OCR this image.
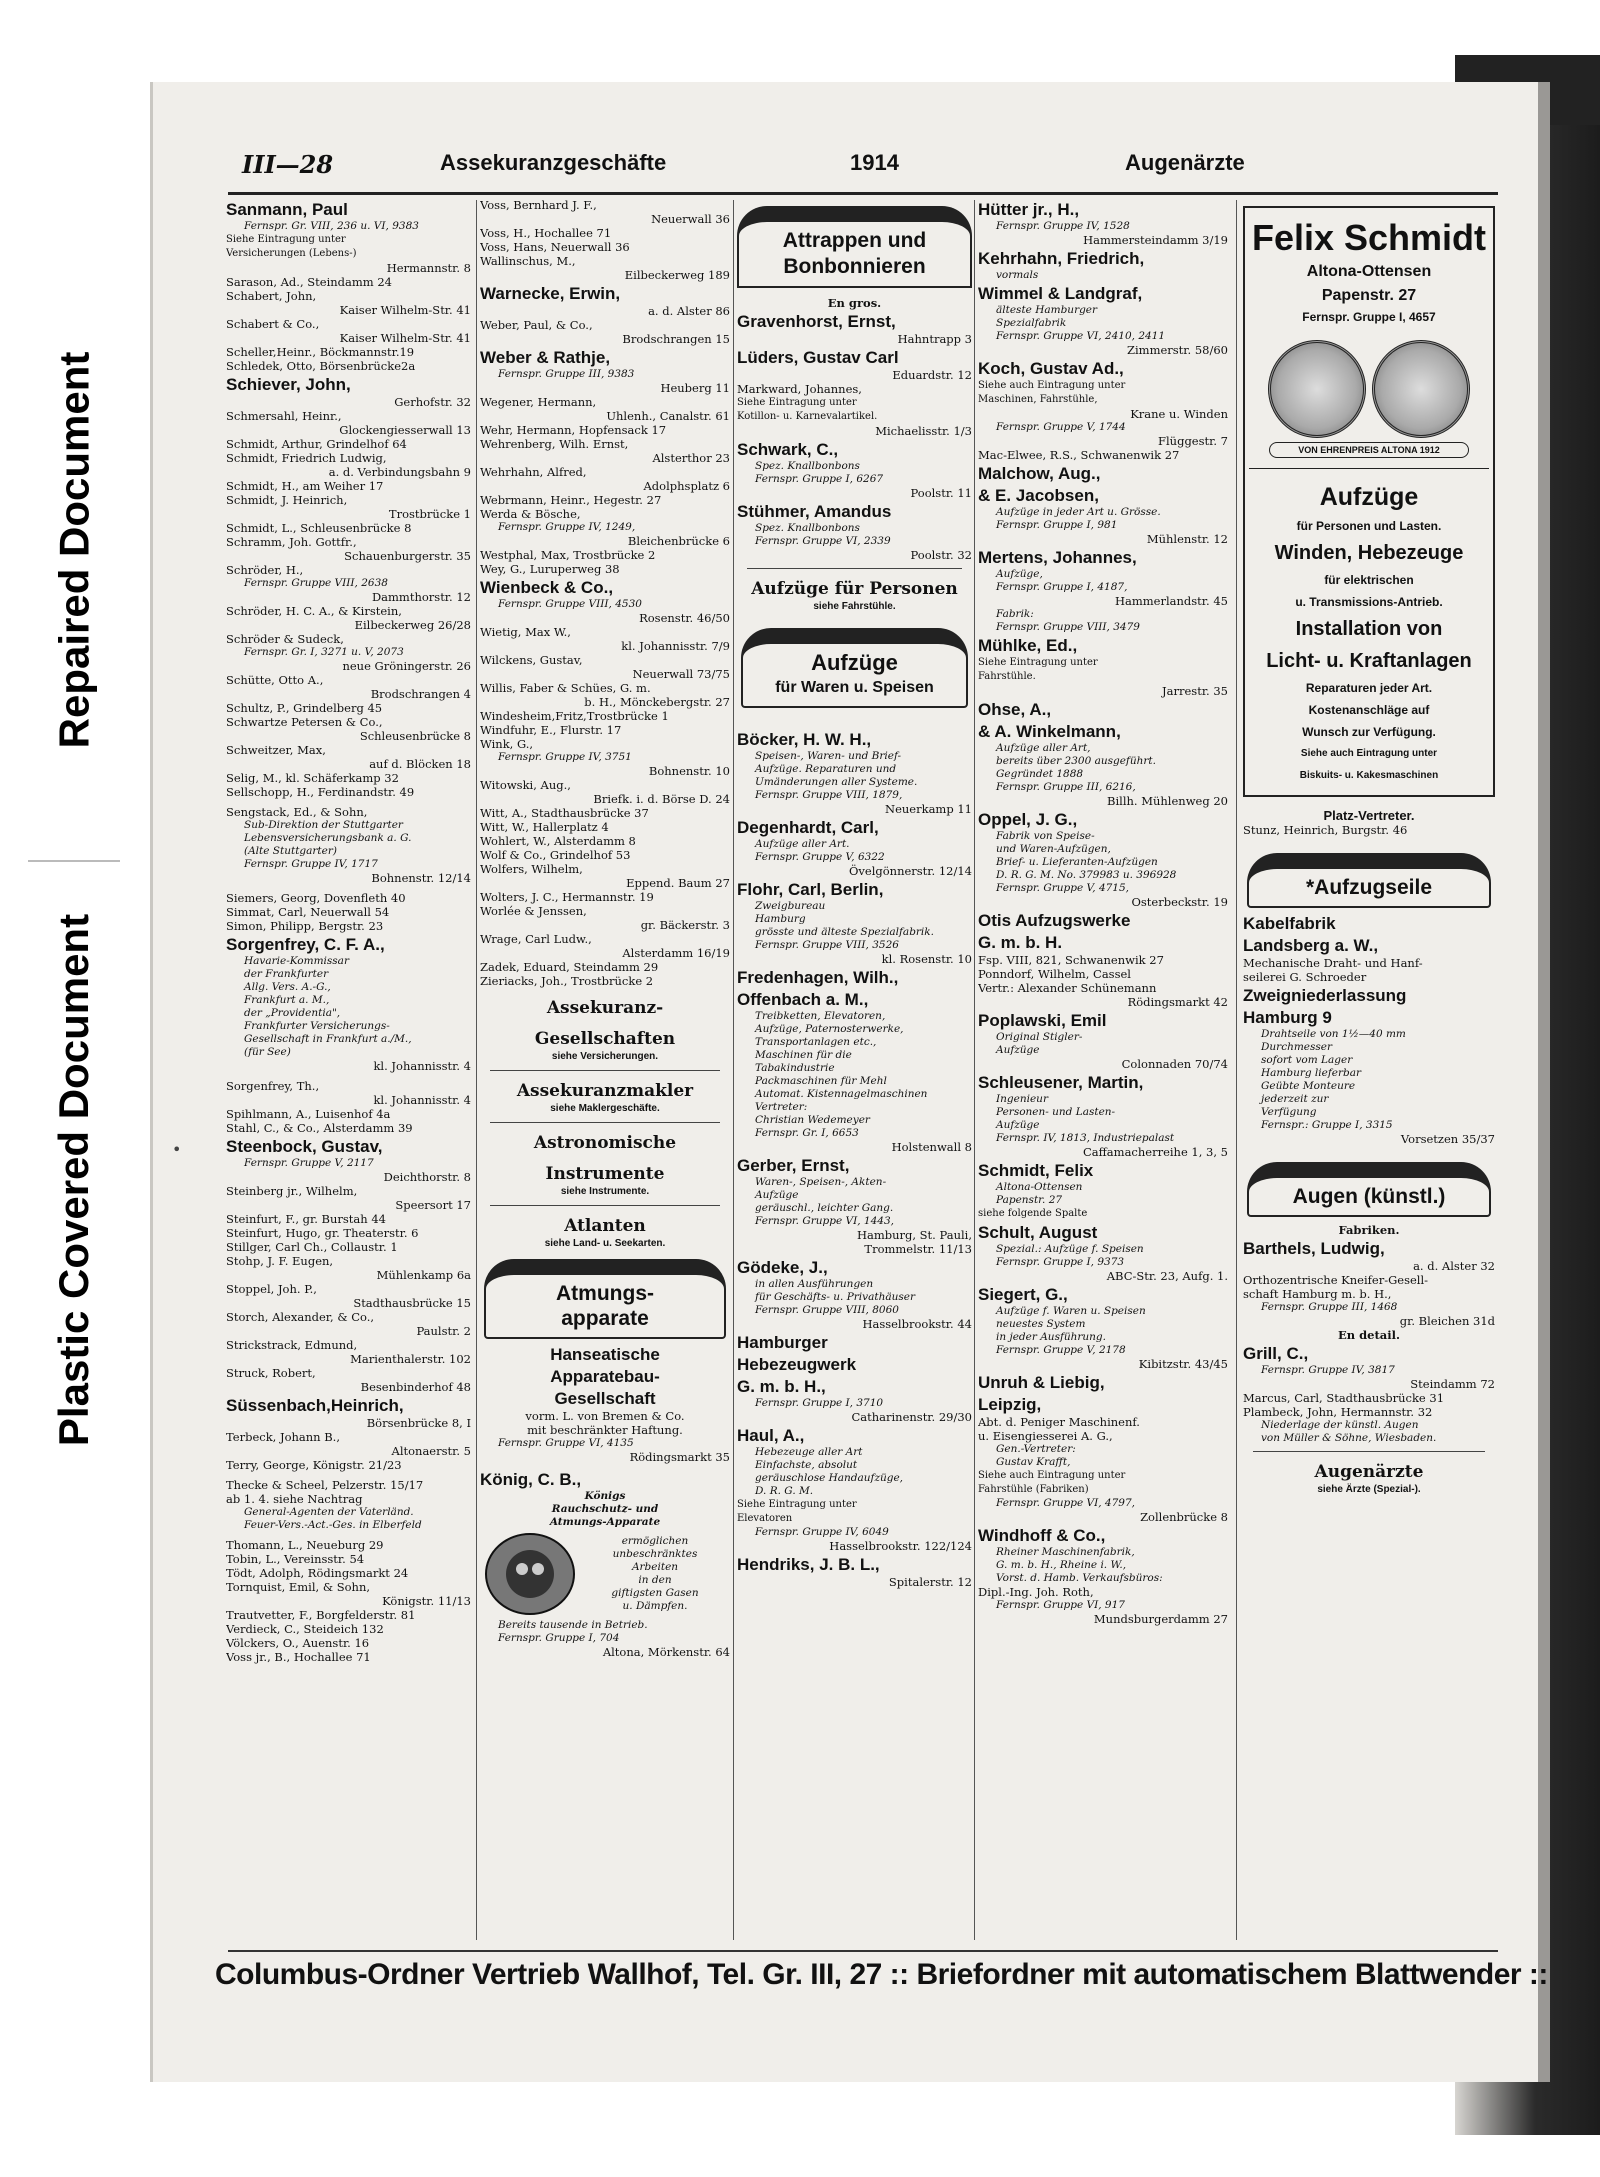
Repaired Document
Plastic Covered Document
III—28	Assekuranzgeschäfte	1914	Augenärzte
Sanmann, Paul
Fernspr. Gr. VIII, 236 u. VI, 9383
Siehe Eintragung unter
Versicherungen (Lebens-)
Hermannstr. 8
Sarason, Ad., Steindamm 24
Schabert, John,
Kaiser Wilhelm-Str. 41
Schabert & Co.,
Kaiser Wilhelm-Str. 41
Scheller,Heinr., Böckmannstr.19
Schledek, Otto, Börsenbrücke2a
Schiever, John,
Gerhofstr. 32
Schmersahl, Heinr.,
Glockengiesserwall 13
Schmidt, Arthur, Grindelhof 64
Schmidt, Friedrich Ludwig,
a. d. Verbindungsbahn 9
Schmidt, H., am Weiher 17
Schmidt, J. Heinrich,
Trostbrücke 1
Schmidt, L., Schleusenbrücke 8
Schramm, Joh. Gottfr.,
Schauenburgerstr. 35
Schröder, H.,
Fernspr. Gruppe VIII, 2638
Dammthorstr. 12
Schröder, H. C. A., & Kirstein,
Eilbeckerweg 26/28
Schröder & Sudeck,
Fernspr. Gr. I, 3271 u. V, 2073
neue Gröningerstr. 26
Schütte, Otto A.,
Brodschrangen 4
Schultz, P., Grindelberg 45
Schwartze Petersen & Co.,
Schleusenbrücke 8
Schweitzer, Max,
auf d. Blöcken 18
Selig, M., kl. Schäferkamp 32
Sellschopp, H., Ferdinandstr. 49
Sengstack, Ed., & Sohn,
Sub-Direktion der Stuttgarter
Lebensversicherungsbank a. G.
(Alte Stuttgarter)
Fernspr. Gruppe IV, 1717
Bohnenstr. 12/14
Siemers, Georg, Dovenfleth 40
Simmat, Carl, Neuerwall 54
Simon, Philipp, Bergstr. 23
Sorgenfrey, C. F. A.,
Havarie-Kommissar
der Frankfurter
Allg. Vers. A.-G.,
Frankfurt a. M.,
der „Providentia",
Frankfurter Versicherungs-
Gesellschaft in Frankfurt a./M.,
(für See)
kl. Johannisstr. 4
Sorgenfrey, Th.,
kl. Johannisstr. 4
Spihlmann, A., Luisenhof 4a
Stahl, C., & Co., Alsterdamm 39
Steenbock, Gustav,
Fernspr. Gruppe V, 2117
Deichthorstr. 8
Steinberg jr., Wilhelm,
Speersort 17
Steinfurt, F., gr. Burstah 44
Steinfurt, Hugo, gr. Theaterstr. 6
Stillger, Carl Ch., Collaustr. 1
Stohp, J. F. Eugen,
Mühlenkamp 6a
Stoppel, Joh. P.,
Stadthausbrücke 15
Storch, Alexander, & Co.,
Paulstr. 2
Strickstrack, Edmund,
Marienthalerstr. 102
Struck, Robert,
Besenbinderhof 48
Süssenbach,Heinrich,
Börsenbrücke 8, I
Terbeck, Johann B.,
Altonaerstr. 5
Terry, George, Königstr. 21/23
Thecke & Scheel, Pelzerstr. 15/17
ab 1. 4. siehe Nachtrag
General-Agenten der Vaterländ.
Feuer-Vers.-Act.-Ges. in Elberfeld
Thomann, L., Neueburg 29
Tobin, L., Vereinsstr. 54
Tödt, Adolph, Rödingsmarkt 24
Tornquist, Emil, & Sohn,
Königstr. 11/13
Trautvetter, F., Borgfelderstr. 81
Verdieck, C., Steideich 132
Völckers, O., Auenstr. 16
Voss jr., B., Hochallee 71
Voss, Bernhard J. F.,
Neuerwall 36
Voss, H., Hochallee 71
Voss, Hans, Neuerwall 36
Wallinschus, M.,
Eilbeckerweg 189
Warnecke, Erwin,
a. d. Alster 86
Weber, Paul, & Co.,
Brodschrangen 15
Weber & Rathje,
Fernspr. Gruppe III, 9383
Heuberg 11
Wegener, Hermann,
Uhlenh., Canalstr. 61
Wehr, Hermann, Hopfensack 17
Wehrenberg, Wilh. Ernst,
Alsterthor 23
Wehrhahn, Alfred,
Adolphsplatz 6
Webrmann, Heinr., Hegestr. 27
Werda & Bösche,
Fernspr. Gruppe IV, 1249,
Bleichenbrücke 6
Westphal, Max, Trostbrücke 2
Wey, G., Luruperweg 38
Wienbeck & Co.,
Fernspr. Gruppe VIII, 4530
Rosenstr. 46/50
Wietig, Max W.,
kl. Johannisstr. 7/9
Wilckens, Gustav,
Neuerwall 73/75
Willis, Faber & Schües, G. m.
b. H., Mönckebergstr. 27
Windesheim,Fritz,Trostbrücke 1
Windfuhr, E., Flurstr. 17
Wink, G.,
Fernspr. Gruppe IV, 3751
Bohnenstr. 10
Witowski, Aug.,
Briefk. i. d. Börse D. 24
Witt, A., Stadthausbrücke 37
Witt, W., Hallerplatz 4
Wohlert, W., Alsterdamm 8
Wolf & Co., Grindelhof 53
Wolfers, Wilhelm,
Eppend. Baum 27
Wolters, J. C., Hermannstr. 19
Worlée & Jenssen,
gr. Bäckerstr. 3
Wrage, Carl Ludw.,
Alsterdamm 16/19
Zadek, Eduard, Steindamm 29
Zieriacks, Joh., Trostbrücke 2
Assekuranz-
Gesellschaften
siehe Versicherungen.
Assekuranzmakler
siehe Maklergeschäfte.
Astronomische
Instrumente
siehe Instrumente.
Atlanten
siehe Land- u. Seekarten.
Atmungs-
apparate
Hanseatische
Apparatebau-
Gesellschaft
vorm. L. von Bremen & Co.
mit beschränkter Haftung.
Fernspr. Gruppe VI, 4135
Rödingsmarkt 35
König, C. B.,
Königs
Rauchschutz- und
Atmungs-Apparate
ermöglichen
unbeschränktes
Arbeiten
in den
giftigsten Gasen
u. Dämpfen.
Bereits tausende in Betrieb.
Fernspr. Gruppe I, 704
Altona, Mörkenstr. 64
Attrappen und
Bonbonnieren
En gros.
Gravenhorst, Ernst,
Hahntrapp 3
Lüders, Gustav Carl
Eduardstr. 12
Markward, Johannes,
Siehe Eintragung unter
Kotillon- u. Karnevalartikel.
Michaelisstr. 1/3
Schwark, C.,
Spez. Knallbonbons
Fernspr. Gruppe I, 6267
Poolstr. 11
Stühmer, Amandus
Spez. Knallbonbons
Fernspr. Gruppe VI, 2339
Poolstr. 32
Aufzüge für Personen
siehe Fahrstühle.
Aufzüge
für Waren u. Speisen
Böcker, H. W. H.,
Speisen-, Waren- und Brief-
Aufzüge. Reparaturen und
Umänderungen aller Systeme.
Fernspr. Gruppe VIII, 1879,
Neuerkamp 11
Degenhardt, Carl,
Aufzüge aller Art.
Fernspr. Gruppe V, 6322
Övelgönnerstr. 12/14
Flohr, Carl, Berlin,
Zweigbureau
Hamburg
grösste und älteste Spezialfabrik.
Fernspr. Gruppe VIII, 3526
kl. Rosenstr. 10
Fredenhagen, Wilh.,
Offenbach a. M.,
Treibketten, Elevatoren,
Aufzüge, Paternosterwerke,
Transportanlagen etc.,
Maschinen für die
Tabakindustrie
Packmaschinen für Mehl
Automat. Kistennagelmaschinen
Vertreter:
Christian Wedemeyer
Fernspr. Gr. I, 6653
Holstenwall 8
Gerber, Ernst,
Waren-, Speisen-, Akten-
Aufzüge
geräuschl., leichter Gang.
Fernspr. Gruppe VI, 1443,
Hamburg, St. Pauli,
Trommelstr. 11/13
Gödeke, J.,
in allen Ausführungen
für Geschäfts- u. Privathäuser
Fernspr. Gruppe VIII, 8060
Hasselbrookstr. 44
Hamburger
Hebezeugwerk
G. m. b. H.,
Fernspr. Gruppe I, 3710
Catharinenstr. 29/30
Haul, A.,
Hebezeuge aller Art
Einfachste, absolut
geräuschlose Handaufzüge,
D. R. G. M.
Siehe Eintragung unter
Elevatoren
Fernspr. Gruppe IV, 6049
Hasselbrookstr. 122/124
Hendriks, J. B. L.,
Spitalerstr. 12
Hütter jr., H.,
Fernspr. Gruppe IV, 1528
Hammersteindamm 3/19
Kehrhahn, Friedrich,
vormals
Wimmel & Landgraf,
älteste Hamburger
Spezialfabrik
Fernspr. Gruppe VI, 2410, 2411
Zimmerstr. 58/60
Koch, Gustav Ad.,
Siehe auch Eintragung unter
Maschinen, Fahrstühle,
Krane u. Winden
Fernspr. Gruppe V, 1744
Flüggestr. 7
Mac-Elwee, R.S., Schwanenwik 27
Malchow, Aug.,
& E. Jacobsen,
Aufzüge in jeder Art u. Grösse.
Fernspr. Gruppe I, 981
Mühlenstr. 12
Mertens, Johannes,
Aufzüge,
Fernspr. Gruppe I, 4187,
Hammerlandstr. 45
Fabrik:
Fernspr. Gruppe VIII, 3479
Mühlke, Ed.,
Siehe Eintragung unter
Fahrstühle.
Jarrestr. 35
Ohse, A.,
& A. Winkelmann,
Aufzüge aller Art,
bereits über 2300 ausgeführt.
Gegründet 1888
Fernspr. Gruppe III, 6216,
Billh. Mühlenweg 20
Oppel, J. G.,
Fabrik von Speise-
und Waren-Aufzügen,
Brief- u. Lieferanten-Aufzügen
D. R. G. M. No. 379983 u. 396928
Fernspr. Gruppe V, 4715,
Osterbeckstr. 19
Otis Aufzugswerke
G. m. b. H.
Fsp. VIII, 821, Schwanenwik 27
Ponndorf, Wilhelm, Cassel
Vertr.: Alexander Schünemann
Rödingsmarkt 42
Poplawski, Emil
Original Stigler-
Aufzüge
Colonnaden 70/74
Schleusener, Martin,
Ingenieur
Personen- und Lasten-
Aufzüge
Fernspr. IV, 1813, Industriepalast
Caffamacherreihe 1, 3, 5
Schmidt, Felix
Altona-Ottensen
Papenstr. 27
siehe folgende Spalte
Schult, August
Spezial.: Aufzüge f. Speisen
Fernspr. Gruppe I, 9373
ABC-Str. 23, Aufg. 1.
Siegert, G.,
Aufzüge f. Waren u. Speisen
neuestes System
in jeder Ausführung.
Fernspr. Gruppe V, 2178
Kibitzstr. 43/45
Unruh & Liebig,
Leipzig,
Abt. d. Peniger Maschinenf.
u. Eisengiesserei A. G.,
Gen.-Vertreter:
Gustav Krafft,
Siehe auch Eintragung unter
Fahrstühle (Fabriken)
Fernspr. Gruppe VI, 4797,
Zollenbrücke 8
Windhoff & Co.,
Rheiner Maschinenfabrik,
G. m. b. H., Rheine i. W.,
Vorst. d. Hamb. Verkaufsbüros:
Dipl.-Ing. Joh. Roth,
Fernspr. Gruppe VI, 917
Mundsburgerdamm 27
Felix Schmidt
Altona-Ottensen
Papenstr. 27
Fernspr. Gruppe I, 4657
VON EHRENPREIS ALTONA 1912
Aufzüge
für Personen und Lasten.
Winden, Hebezeuge
für elektrischen
u. Transmissions-Antrieb.
Installation von
Licht- u. Kraftanlagen
Reparaturen jeder Art.
Kostenanschläge auf
Wunsch zur Verfügung.
Siehe auch Eintragung unter
Biskuits- u. Kakesmaschinen
Platz-Vertreter.
Stunz, Heinrich, Burgstr. 46
*Aufzugseile
Kabelfabrik
Landsberg a. W.,
Mechanische Draht- und Hanf-
seilerei G. Schroeder
Zweigniederlassung
Hamburg 9
Drahtseile von 1½—40 mm
Durchmesser
sofort vom Lager
Hamburg lieferbar
Geübte Monteure
jederzeit zur
Verfügung
Fernspr.: Gruppe I, 3315
Vorsetzen 35/37
Augen (künstl.)
Fabriken.
Barthels, Ludwig,
a. d. Alster 32
Orthozentrische Kneifer-Gesell-
schaft Hamburg m. b. H.,
Fernspr. Gruppe III, 1468
gr. Bleichen 31d
En detail.
Grill, C.,
Fernspr. Gruppe IV, 3817
Steindamm 72
Marcus, Carl, Stadthausbrücke 31
Plambeck, John, Hermannstr. 32
Niederlage der künstl. Augen
von Müller & Söhne, Wiesbaden.
Augenärzte
siehe Ärzte (Spezial-).
•
Columbus-Ordner Vertrieb Wallhof, Tel. Gr. III, 27 :: Briefordner mit automatischem Blattwender ::
